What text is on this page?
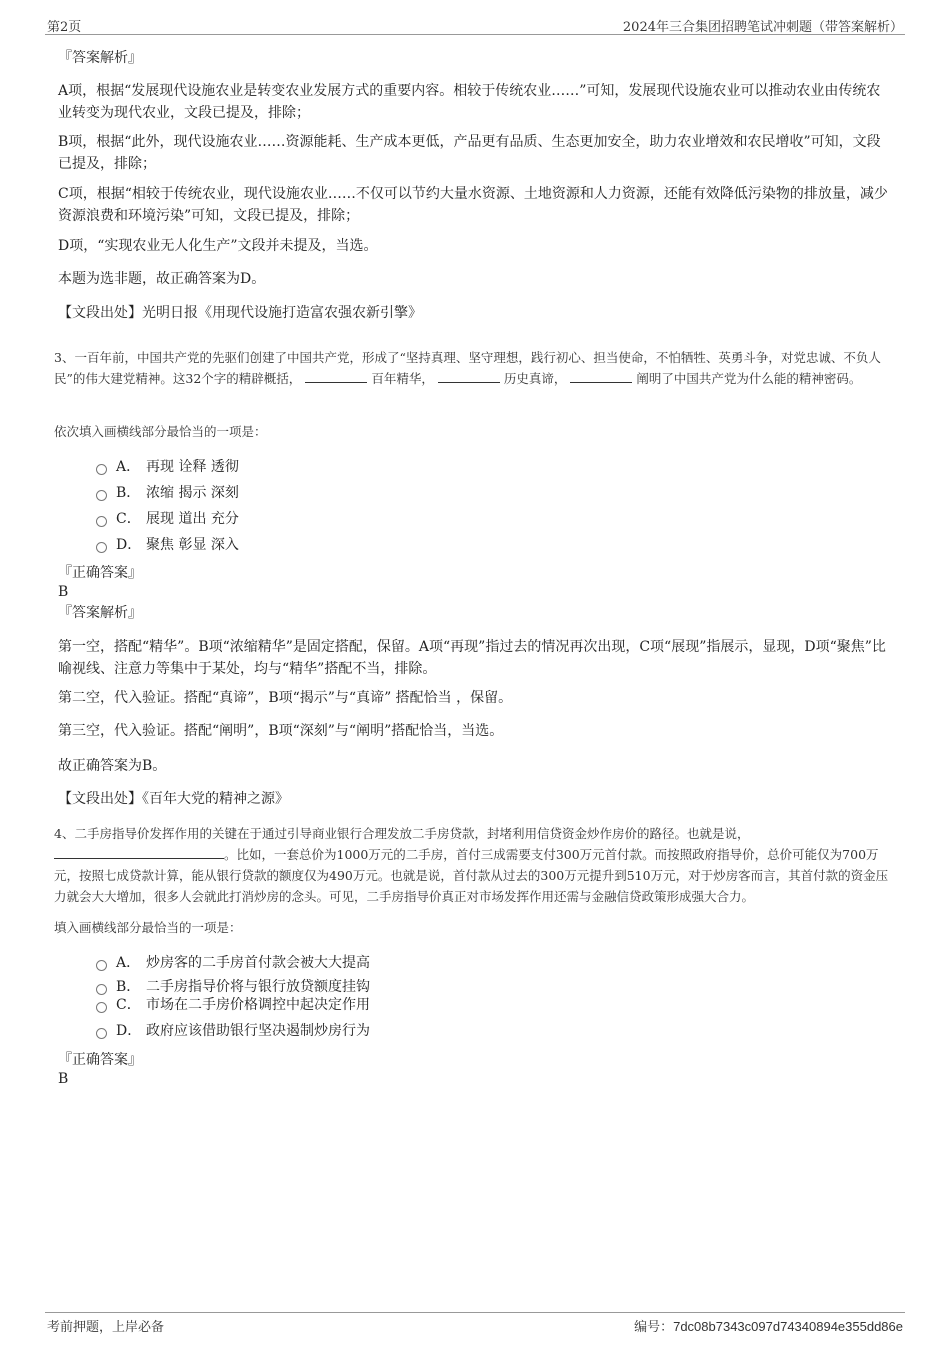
第2页	2024年三合集团招聘笔试冲刺题（带答案解析）
『答案解析』
A项，根据“发展现代设施农业是转变农业发展方式的重要内容。相较于传统农业……”可知，发展现代设施农业可以推动农业由传统农业转变为现代农业，文段已提及，排除；
B项，根据“此外，现代设施农业……资源能耗、生产成本更低，产品更有品质、生态更加安全，助力农业增效和农民增收”可知，文段已提及，排除；
C项，根据“相较于传统农业，现代设施农业……不仅可以节约大量水资源、土地资源和人力资源，还能有效降低污染物的排放量，减少资源浪费和环境污染”可知，文段已提及，排除；
D项，“实现农业无人化生产”文段并未提及，当选。
本题为选非题，故正确答案为D。
【文段出处】光明日报《用现代设施打造富农强农新引擎》
3、一百年前，中国共产党的先驱们创建了中国共产党，形成了“坚持真理、坚守理想，践行初心、担当使命，不怕牺牲、英勇斗争，对党忠诚、不负人民”的伟大建党精神。这32个字的精辟概括，	百年精华，	历史真谛，	阐明了中国共产党为什么能的精神密码。
依次填入画横线部分最恰当的一项是：
A． 再现 诠释 透彻
B． 浓缩 揭示 深刻
C． 展现 道出 充分
D． 聚焦 彰显 深入
『正确答案』
B
『答案解析』
第一空，搭配“精华”。B项“浓缩精华”是固定搭配，保留。A项“再现”指过去的情况再次出现，C项“展现”指展示，显现，D项“聚焦”比喻视线、注意力等集中于某处，均与“精华”搭配不当，排除。
第二空，代入验证。搭配“真谛”，B项“揭示”与“真谛” 搭配恰当 ，保留。
第三空，代入验证。搭配“阐明”，B项“深刻”与“阐明”搭配恰当，当选。
故正确答案为B。
【文段出处】《百年大党的精神之源》
4、二手房指导价发挥作用的关键在于通过引导商业银行合理发放二手房贷款，封堵利用信贷资金炒作房价的路径。也就是说，。比如，一套总价为1000万元的二手房，首付三成需要支付300万元首付款。而按照政府指导价，总价可能仅为700万元，按照七成贷款计算，能从银行贷款的额度仅为490万元。也就是说，首付款从过去的300万元提升到510万元，对于炒房客而言，其首付款的资金压力就会大大增加，很多人会就此打消炒房的念头。可见，二手房指导价真正对市场发挥作用还需与金融信贷政策形成强大合力。
填入画横线部分最恰当的一项是：
A． 炒房客的二手房首付款会被大大提高
B． 二手房指导价将与银行放贷额度挂钩
C． 市场在二手房价格调控中起决定作用
D． 政府应该借助银行坚决遏制炒房行为
『正确答案』
B
考前押题，上岸必备	编号：7dc08b7343c097d74340894e355dd86e
